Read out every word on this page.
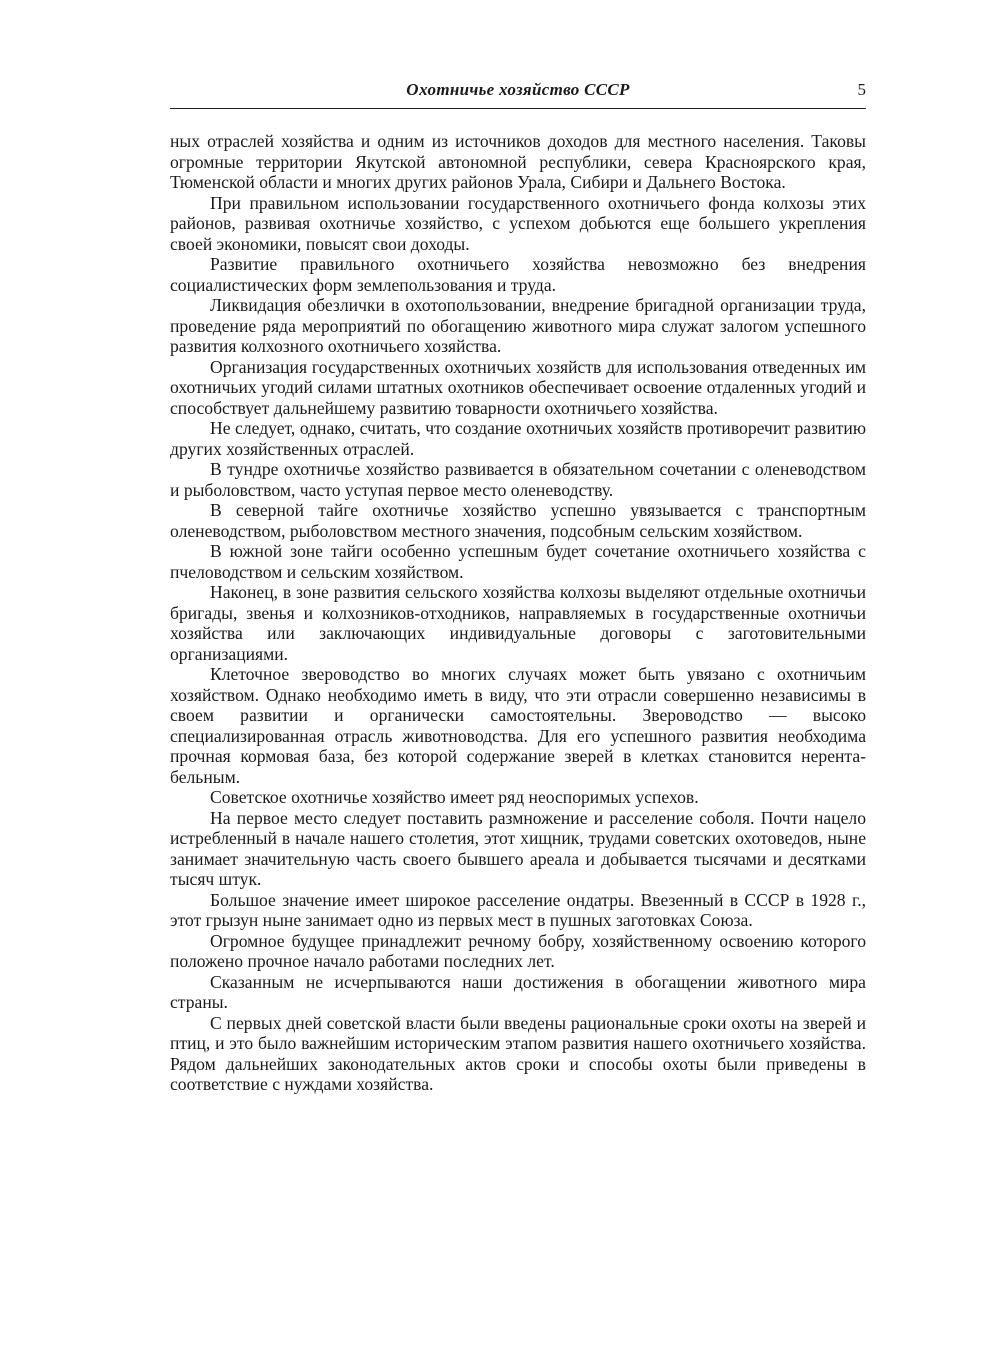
Охотничье хозяйство СССР	5

ных отраслей хозяйства и одним из источников доходов для местного населения. Таковы огромные территории Якутской автономной республики, севера Красноярского края, Тюменской области и многих других районов Урала, Сибири и Дальнего Востока.

При правильном использовании государственного охотничьего фонда колхозы этих районов, развивая охотничье хозяйство, с успехом добьются еще большего укрепления своей экономики, повысят свои доходы.

Развитие правильного охотничьего хозяйства невозможно без внедрения социалистических форм землепользования и труда.

Ликвидация обезлички в охотопользовании, внедрение бригадной организации труда, проведение ряда мероприятий по обогащению животного мира служат залогом успешного развития колхозного охотничьего хозяйства.

Организация государственных охотничьих хозяйств для использования отведенных им охотничьих угодий силами штатных охотников обеспечивает освоение отдаленных угодий и способствует дальнейшему развитию товарности охотничьего хозяйства.

Не следует, однако, считать, что создание охотничьих хозяйств противоречит развитию других хозяйственных отраслей.

В тундре охотничье хозяйство развивается в обязательном сочетании с оленеводством и рыболовством, часто уступая первое место оленеводству.

В северной тайге охотничье хозяйство успешно увязывается с транспортным оленеводством, рыболовством местного значения, подсобным сельским хозяйством.

В южной зоне тайги особенно успешным будет сочетание охотничьего хозяйства с пчеловодством и сельским хозяйством.

Наконец, в зоне развития сельского хозяйства колхозы выделяют отдельные охотничьи бригады, звенья и колхозников-отходников, направляемых в государственные охотничьи хозяйства или заключающих индивидуальные договоры с заготовительными организациями.

Клеточное звероводство во многих случаях может быть увязано с охотничьим хозяйством. Однако необходимо иметь в виду, что эти отрасли совершенно независимы в своем развитии и органически самостоятельны. Звероводство — высоко специализированная отрасль животноводства. Для его успешного развития необходима прочная кормовая база, без которой содержание зверей в клетках становится нерентабельным.

Советское охотничье хозяйство имеет ряд неоспоримых успехов.

На первое место следует поставить размножение и расселение соболя. Почти нацело истребленный в начале нашего столетия, этот хищник, трудами советских охотоведов, ныне занимает значительную часть своего бывшего ареала и добывается тысячами и десятками тысяч штук.

Большое значение имеет широкое расселение ондатры. Ввезенный в СССР в 1928 г., этот грызун ныне занимает одно из первых мест в пушных заготовках Союза.

Огромное будущее принадлежит речному бобру, хозяйственному освоению которого положено прочное начало работами последних лет.

Сказанным не исчерпываются наши достижения в обогащении животного мира страны.

С первых дней советской власти были введены рациональные сроки охоты на зверей и птиц, и это было важнейшим историческим этапом развития нашего охотничьего хозяйства. Рядом дальнейших законодательных актов сроки и способы охоты были приведены в соответствие с нуждами хозяйства.
